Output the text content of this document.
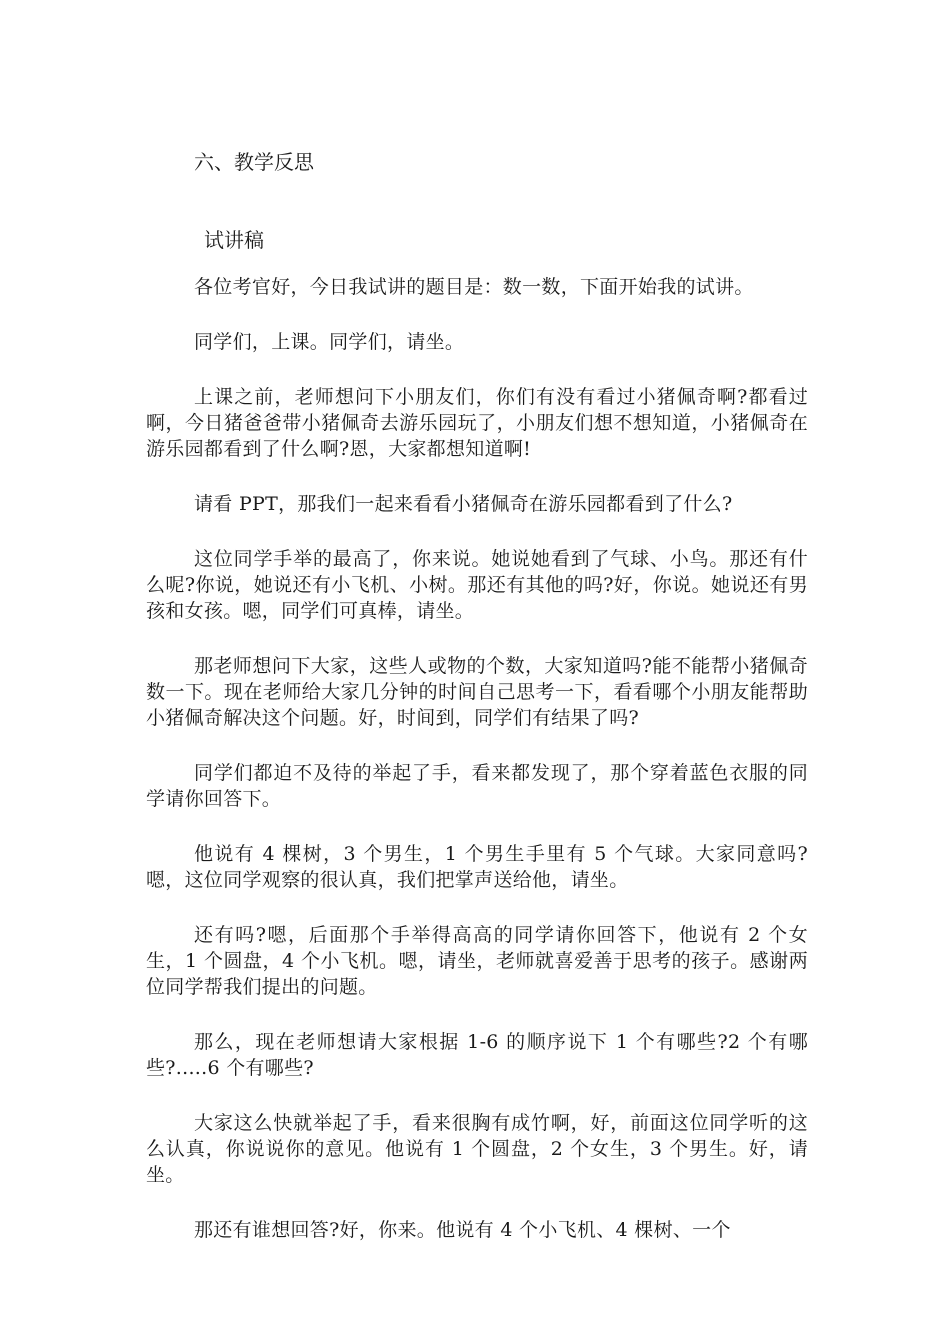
六、教学反思
试讲稿

各位考官好，今日我试讲的题目是：数一数，下面开始我的试讲。

同学们，上课。同学们，请坐。

上课之前，老师想问下小朋友们，你们有没有看过小猪佩奇啊?都看过啊，今日猪爸爸带小猪佩奇去游乐园玩了，小朋友们想不想知道，小猪佩奇在游乐园都看到了什么啊?恩，大家都想知道啊!

请看 PPT，那我们一起来看看小猪佩奇在游乐园都看到了什么?

这位同学手举的最高了，你来说。她说她看到了气球、小鸟。那还有什么呢?你说，她说还有小飞机、小树。那还有其他的吗?好，你说。她说还有男孩和女孩。嗯，同学们可真棒，请坐。

那老师想问下大家，这些人或物的个数，大家知道吗?能不能帮小猪佩奇数一下。现在老师给大家几分钟的时间自己思考一下，看看哪个小朋友能帮助小猪佩奇解决这个问题。好，时间到，同学们有结果了吗?

同学们都迫不及待的举起了手，看来都发现了，那个穿着蓝色衣服的同学请你回答下。

他说有 4 棵树，3 个男生，1 个男生手里有 5 个气球。大家同意吗?嗯，这位同学观察的很认真，我们把掌声送给他，请坐。

还有吗?嗯，后面那个手举得高高的同学请你回答下，他说有 2 个女生，1 个圆盘，4 个小飞机。嗯，请坐，老师就喜爱善于思考的孩子。感谢两位同学帮我们提出的问题。

那么，现在老师想请大家根据 1-6 的顺序说下 1 个有哪些?2 个有哪些?.....6 个有哪些?

大家这么快就举起了手，看来很胸有成竹啊，好，前面这位同学听的这么认真，你说说你的意见。他说有 1 个圆盘，2 个女生，3 个男生。好，请坐。

那还有谁想回答?好，你来。他说有 4 个小飞机、4 棵树、一个
